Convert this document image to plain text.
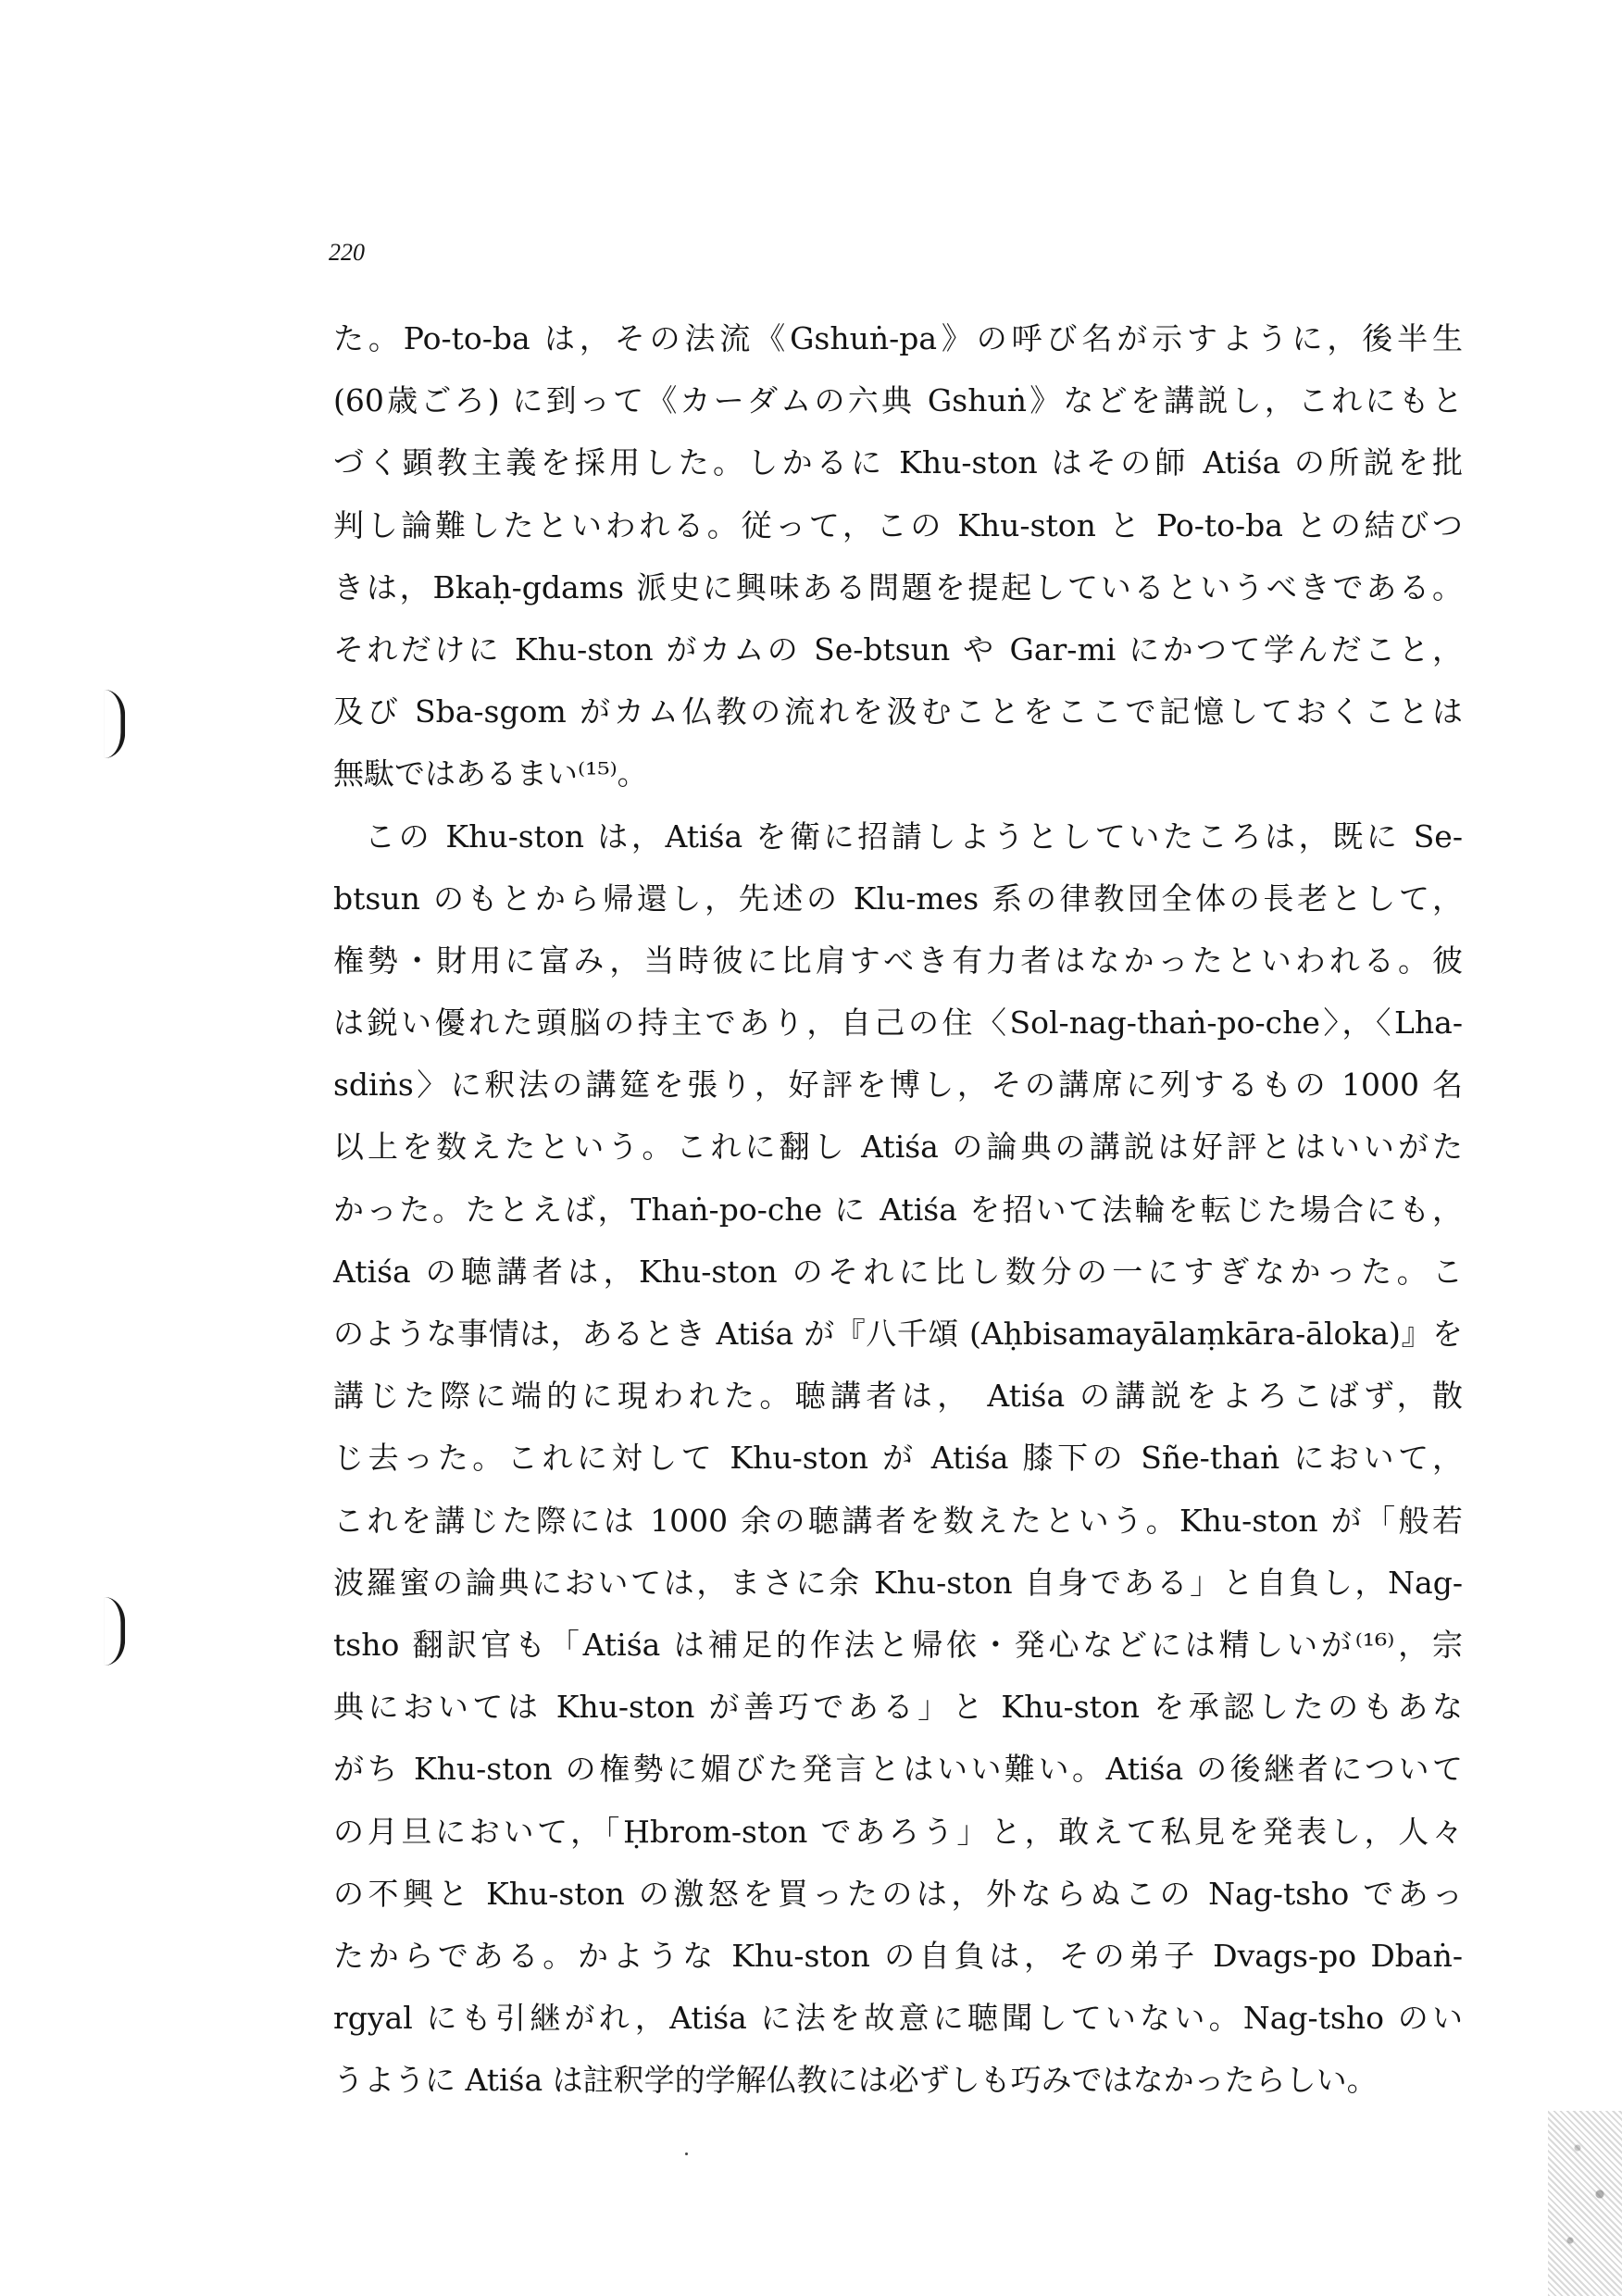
220
た。Po-to-ba は，その法流《Gshuṅ-pa》の呼び名が示すように，後半生
(60歳ごろ) に到って《カーダムの六典 Gshuṅ》などを講説し，これにもと
づく顕教主義を採用した。しかるに Khu-ston はその師 Atiśa の所説を批
判し論難したといわれる。従って，この Khu-ston と Po-to-ba との結びつ
きは，Bkaḥ-gdams 派史に興味ある問題を提起しているというべきである。
それだけに Khu-ston がカムの Se-btsun や Gar-mi にかつて学んだこと，
及び Sba-sgom がカム仏教の流れを汲むことをここで記憶しておくことは
無駄ではあるまい⁽¹⁵⁾。
この Khu-ston は，Atiśa を衛に招請しようとしていたころは，既に Se-
btsun のもとから帰還し，先述の Klu-mes 系の律教団全体の長老として，
権勢・財用に富み，当時彼に比肩すべき有力者はなかったといわれる。彼
は鋭い優れた頭脳の持主であり，自己の住〈Sol-nag-thaṅ-po-che〉，〈Lha-
sdiṅs〉に釈法の講筵を張り，好評を博し，その講席に列するもの 1000 名
以上を数えたという。これに翻し Atiśa の論典の講説は好評とはいいがた
かった。たとえば，Thaṅ-po-che に Atiśa を招いて法輪を転じた場合にも，
Atiśa の聴講者は，Khu-ston のそれに比し数分の一にすぎなかった。こ
のような事情は，あるとき Atiśa が『八千頌 (Aḥbisamayālaṃkāra-āloka)』を
講じた際に端的に現われた。聴講者は， Atiśa の講説をよろこばず，散
じ去った。これに対して Khu-ston が Atiśa 膝下の Sñe-thaṅ において，
これを講じた際には 1000 余の聴講者を数えたという。Khu-ston が「般若
波羅蜜の論典においては，まさに余 Khu-ston 自身である」と自負し，Nag-
tsho 翻訳官も「Atiśa は補足的作法と帰依・発心などには精しいが⁽¹⁶⁾，宗
典においては Khu-ston が善巧である」と Khu-ston を承認したのもあな
がち Khu-ston の権勢に媚びた発言とはいい難い。Atiśa の後継者について
の月旦において，「Ḥbrom-ston であろう」と，敢えて私見を発表し，人々
の不興と Khu-ston の激怒を買ったのは，外ならぬこの Nag-tsho であっ
たからである。かような Khu-ston の自負は，その弟子 Dvags-po Dbaṅ-
rgyal にも引継がれ，Atiśa に法を故意に聴聞していない。Nag-tsho のい
うように Atiśa は註釈学的学解仏教には必ずしも巧みではなかったらしい。
